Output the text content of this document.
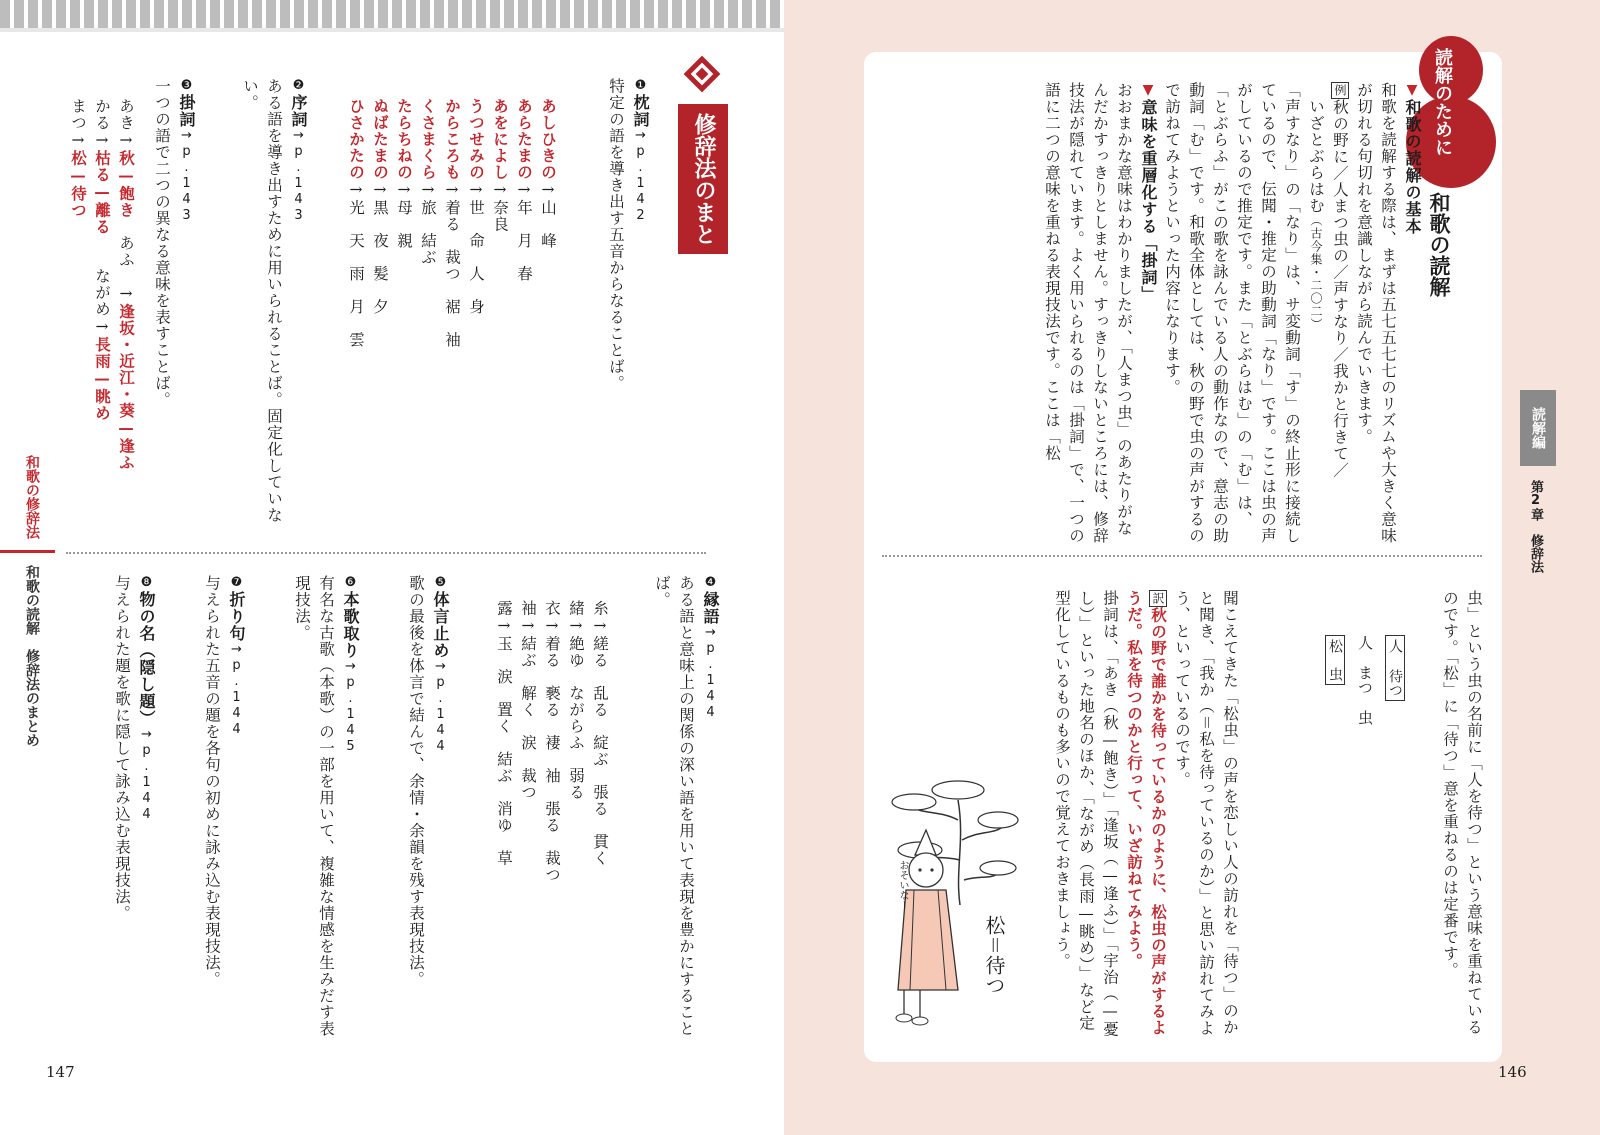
修辞法のまとめ
❶枕詞→p.142
特定の語を導き出す五音からなることば。
あしひきの→山　峰
あらたまの→年　月　春
あをによし→奈良
うつせみの→世　命　人　身
からころも→着る　裁つ　裾　袖
くさまくら→旅　結ぶ
たらちねの→母　親
ぬばたまの→黒　夜　髪　夕
ひさかたの→光　天　雨　月　雲
❷序詞→p.143
ある語を導き出すために用いられることば。固定化していない。
❸掛詞→p.143
一つの語で二つの異なる意味を表すことば。
あき→秋—飽き　あふ　→逢坂・近江・葵—逢ふ
かる→枯る—離る　　ながめ→長雨—眺め
まつ→松—待つ
和歌の修辞法
和歌の読解　修辞法のまとめ	❹縁語→p.144
ある語と意味上の関係の深い語を用いて表現を豊かにすることば。
糸→縒る　乱る　綻ぶ　張る　貫く
緒→絶ゆ　ながらふ　弱る
衣→着る　褻る　褄　袖　張る　裁つ
袖→結ぶ　解く　涙　裁つ
露→玉　涙　置く　結ぶ　消ゆ　草
❺体言止め→p.144
歌の最後を体言で結んで、余情・余韻を残す表現技法。
❻本歌取り→p.145
有名な古歌（本歌）の一部を用いて、複雑な情感を生みだす表現技法。
❼折り句→p.144
与えられた五音の題を各句の初めに詠み込む表現技法。
❽物の名（隠し題）→p.144
与えられた題を歌に隠して詠み込む表現技法。
147
読解のために
和歌の読解
▼和歌の読解の基本
和歌を読解する際は、まずは五七五七七のリズムや大きく意味が切れる句切れを意識しながら読んでいきます。
例秋の野に／人まつ虫の／声すなり／我かと行きて／
　いざとぶらはむ（古今集・二〇二）
「声すなり」の「なり」は、サ変動詞「す」の終止形に接続しているので、伝聞・推定の助動詞「なり」です。ここは虫の声がしているので推定です。また「とぶらはむ」の「む」は、「とぶらふ」がこの歌を詠んでいる人の動作なので、意志の助動詞「む」です。和歌全体としては、秋の野で虫の声がするので訪ねてみようといった内容になります。
▼意味を重層化する「掛詞」
おおまかな意味はわかりましたが、「人まつ虫」のあたりがなんだかすっきりとしません。すっきりしないところには、修辞技法が隠れています。よく用いられるのは「掛詞」で、一つの語に二つの意味を重ねる表現技法です。ここは「松
虫」という虫の名前に「人を待つ」という意味を重ねているのです。「松」に「待つ」意を重ねるのは定番です。
人 待つ
人　まつ　虫
松　虫
聞こえてきた「松虫」の声を恋しい人の訪れを「待つ」のかと聞き、「我か（＝私を待っているのか）」と思い訪れてみよう、といっているのです。
訳秋の野で誰かを待っているかのように、松虫の声がするようだ。私を待つのかと行って、いざ訪ねてみよう。
掛詞は、「あき（秋—飽き）」「逢坂（—逢ふ）」「宇治（—憂し）」といった地名のほか、「ながめ（長雨—眺め）」など定型化しているものも多いので覚えておきましょう。
おそいなー
松＝待つ
読解編
第2章　修辞法
146
